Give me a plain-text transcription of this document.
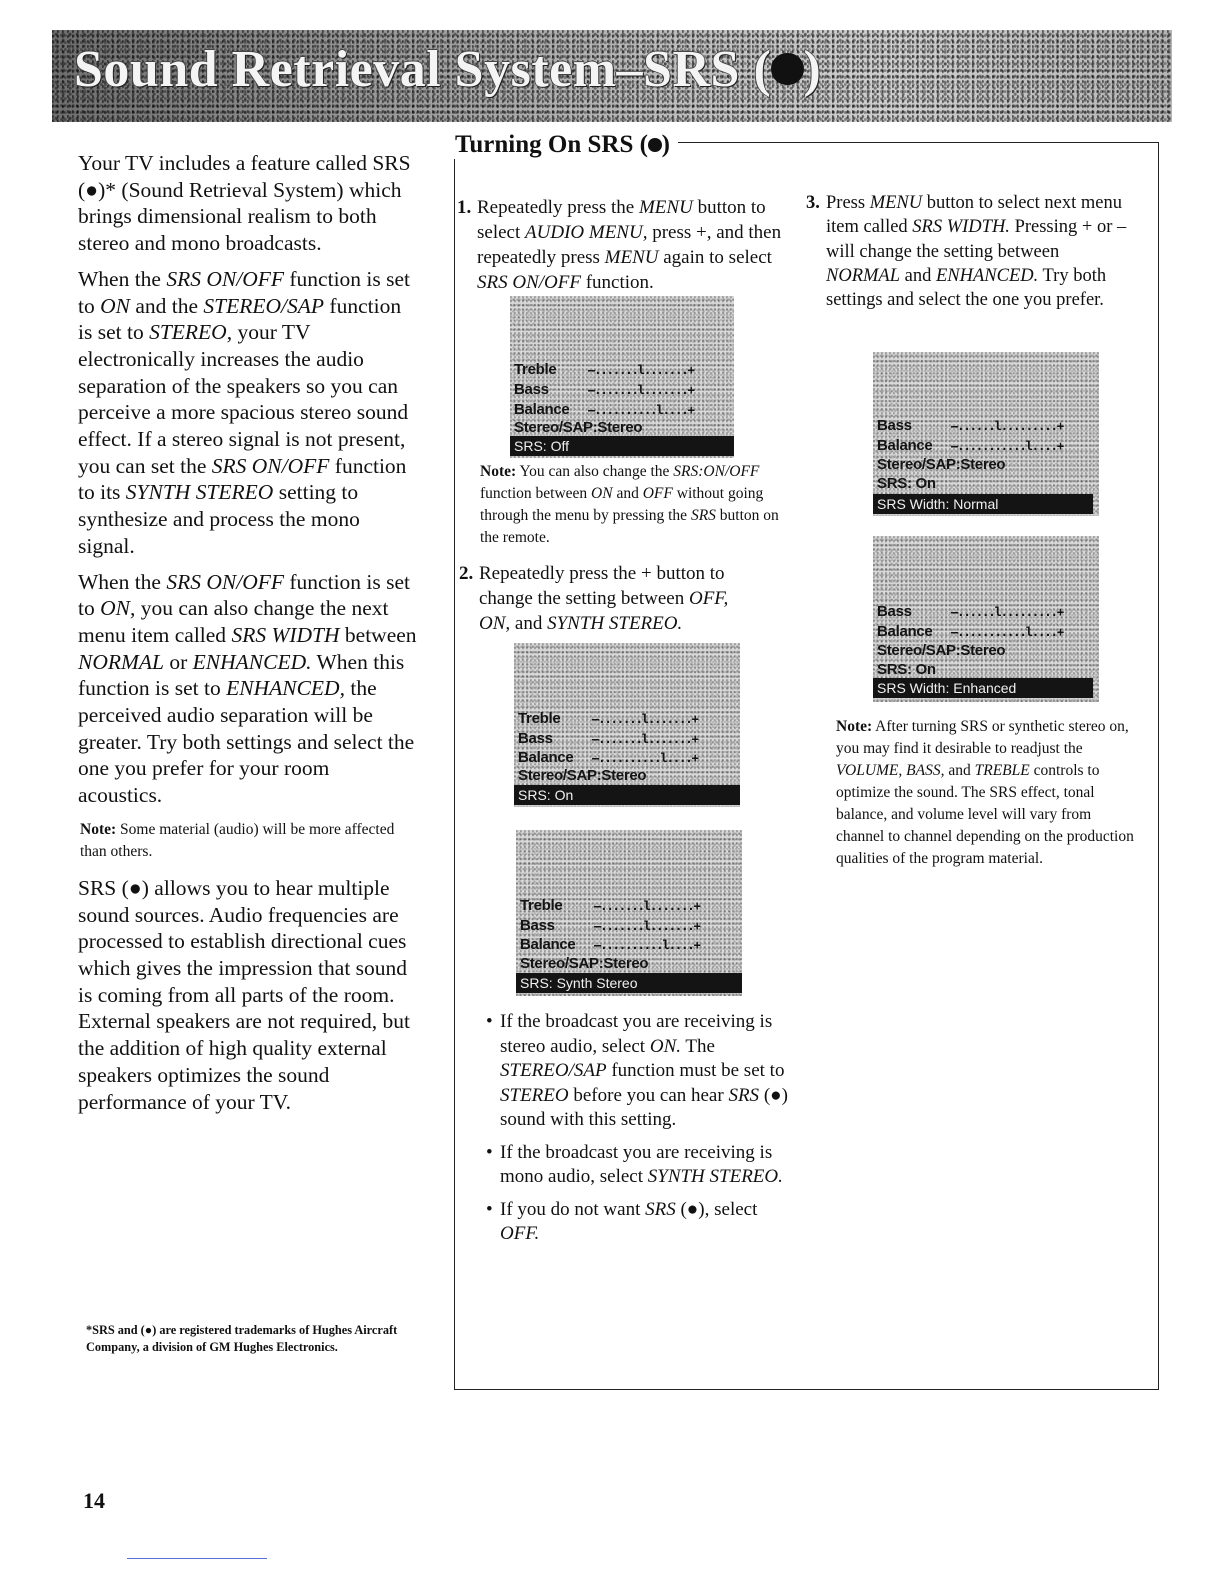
Sound Retrieval System–SRS ( )

Your TV includes a feature called SRS (●)* (Sound Retrieval System) which brings dimensional realism to both stereo and mono broadcasts.

When the SRS ON/OFF function is set to ON and the STEREO/SAP function is set to STEREO, your TV electronically increases the audio separation of the speakers so you can perceive a more spacious stereo sound effect. If a stereo signal is not present, you can set the SRS ON/OFF function to its SYNTH STEREO setting to synthesize and process the mono signal.

When the SRS ON/OFF function is set to ON, you can also change the next menu item called SRS WIDTH between NORMAL or ENHANCED. When this function is set to ENHANCED, the perceived audio separation will be greater. Try both settings and select the one you prefer for your room acoustics.

Note: Some material (audio) will be more affected than others.

SRS (●) allows you to hear multiple sound sources. Audio frequencies are processed to establish directional cues which gives the impression that sound is coming from all parts of the room. External speakers are not required, but the addition of high quality external speakers optimizes the sound performance of your TV.

*SRS and (●) are registered trademarks of Hughes Aircraft Company, a division of GM Hughes Electronics.
Turning On SRS ( )
1. Repeatedly press the MENU button to select AUDIO MENU, press +, and then repeatedly press MENU again to select SRS ON/OFF function.
Treble	–.......l.......+
Bass	–.......l.......+
Balance –..........l....+
Stereo/SAP:Stereo
SRS: Off
Note: You can also change the SRS:ON/OFF function between ON and OFF without going through the menu by pressing the SRS button on the remote.
2. Repeatedly press the + button to change the setting between OFF, ON, and SYNTH STEREO.
Treble	–.......l.......+
Bass	–.......l.......+
Balance –..........l....+
Stereo/SAP:Stereo
SRS: On
Treble	–.......l.......+
Bass	–.......l.......+
Balance –..........l....+
Stereo/SAP:Stereo
SRS: Synth Stereo
• If the broadcast you are receiving is stereo audio, select ON. The STEREO/SAP function must be set to STEREO before you can hear SRS (●) sound with this setting.
• If the broadcast you are receiving is mono audio, select SYNTH STEREO.
• If you do not want SRS (●), select OFF.
3. Press MENU button to select next menu item called SRS WIDTH. Pressing + or – will change the setting between NORMAL and ENHANCED. Try both settings and select the one you prefer.
Bass	–......l.........+
Balance –...........l....+
Stereo/SAP:Stereo
SRS: On
SRS Width: Normal
Bass	–......l.........+
Balance –...........l....+
Stereo/SAP:Stereo
SRS: On
SRS Width: Enhanced
Note: After turning SRS or synthetic stereo on, you may find it desirable to readjust the VOLUME, BASS, and TREBLE controls to optimize the sound. The SRS effect, tonal balance, and volume level will vary from channel to channel depending on the production qualities of the program material.
14
